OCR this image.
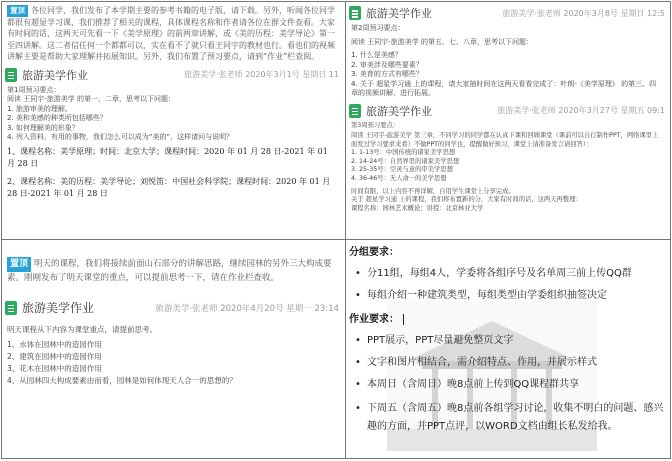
置顶 各位同学，我们发布了本学期主要的参考书籍的电子版，请下载。另外，听闻各位同学都很有超显学习课，我们推荐了相关的课程，具体课程名称和作者请各位在群文件查看。大家有时间的话，这两天可先看一下《美学原理》的前两章讲解，或《美的历程：美学导论》第一至四讲解。这二者信任何一个都都可以，实在看不了就只看王同宇的教材也行。看也们的视频讲解主要是帮助大家理解并拓展知识。另外，我们布置了预习要点，请到“作业”栏查阅。
旅游美学作业	旅游美学·张老师 2020年3月1号 星期日 11
第1周预习要点：
阅读 王同宇-旅游美学 的第一、二章，思考以下问题：
1. 旅游审美的理解。
2. 美和美感的种类所包括哪些？
3. 如何理解美的形象？
4. 列入资料，有用的事物，我们怎么可以成为“美的”，这样请问与说明？
1、课程名称：美学原理；时间：北京大学；课程时间：2020 年 01 月 28 日-2021 年 01 月 28 日
2、课程名称：美的历程：美学导论；刘悦笛：中国社会科学院；课程时间：2020 年 01 月 28 日-2021 年 01 月 28 日
旅游美学作业	旅游美学·张老师 2020年3月8号 星期日 12:5
第2周预习要点：
阅读 王同宇-旅游美学 的第五、七、八章，思考以下问题：
1. 什么是美感？
2. 审美涉及哪些要素？
3. 美育的方式有哪些？
4. 关于 超星学习通 上的课程，请大家抽时间在这两天看看完成了：叶朗-《美学原理》 的第三、四章的视频讲解，进行拓展。
旅游美学作业	旅游美学·张老师 2020年3月27号 星期五 09:1
第3周预习要点：
阅读 王同宇-旅游美学 第三章，不同学习的同学都在认真下课和回顾课堂（课前可以自行制作PPT，网络课里上面发过学习要求来看）不做PPT的同学也，提醒做好预习，课堂上请准备发言请回答）：
1. 1-13号：中国传统的诸家美学思想
2. 14-24号：自然界里的诸家美学思想
3. 25-35号：空灵与意的审美学思想
4. 36-46号：无人命一的美学思想
时间有限，以上内容不再详解，自用学生课堂上分享完成。
关于 超星学习通 上的课程，我们将布置新的分，大家有时间的话，这两天再整理：
课程名称：园林艺术概论；讲授：北京林业大学
置顶 明天的课程，我们将接续前面山石部分的讲解思路，继续园林的另外三大构成要素。刚刚发布了明天课堂的重点，可以提前思考一下，请在作业栏查收。
旅游美学作业	旅游美学·张老师 2020年4月20号 星期一 23:14
明天课程从下内容为课堂重点，请提前思考。
1、水体在园林中的造园作用
2、建筑在园林中的造园作用
3、花木在园林中的造园作用
4、从园林四大构成要素由而看，园林是如何体现天人合一的思想的？
分组要求：
• 分11组，每组4人，学委将各组序号及名单周三前上传QQ群
• 每组介绍一种建筑类型，每组类型由学委组织抽签决定
作业要求：
• PPT展示，PPT尽量避免整页文字
• 文字和图片相结合，需介绍特点、作用，并展示样式
• 本周日（含周日）晚8点前上传到QQ课程群共享
• 下周五（含周五）晚8点前各组学习讨论，收集不明白的问题、感兴趣的方面，并PPT点评，以WORD文档由组长私发给我。
